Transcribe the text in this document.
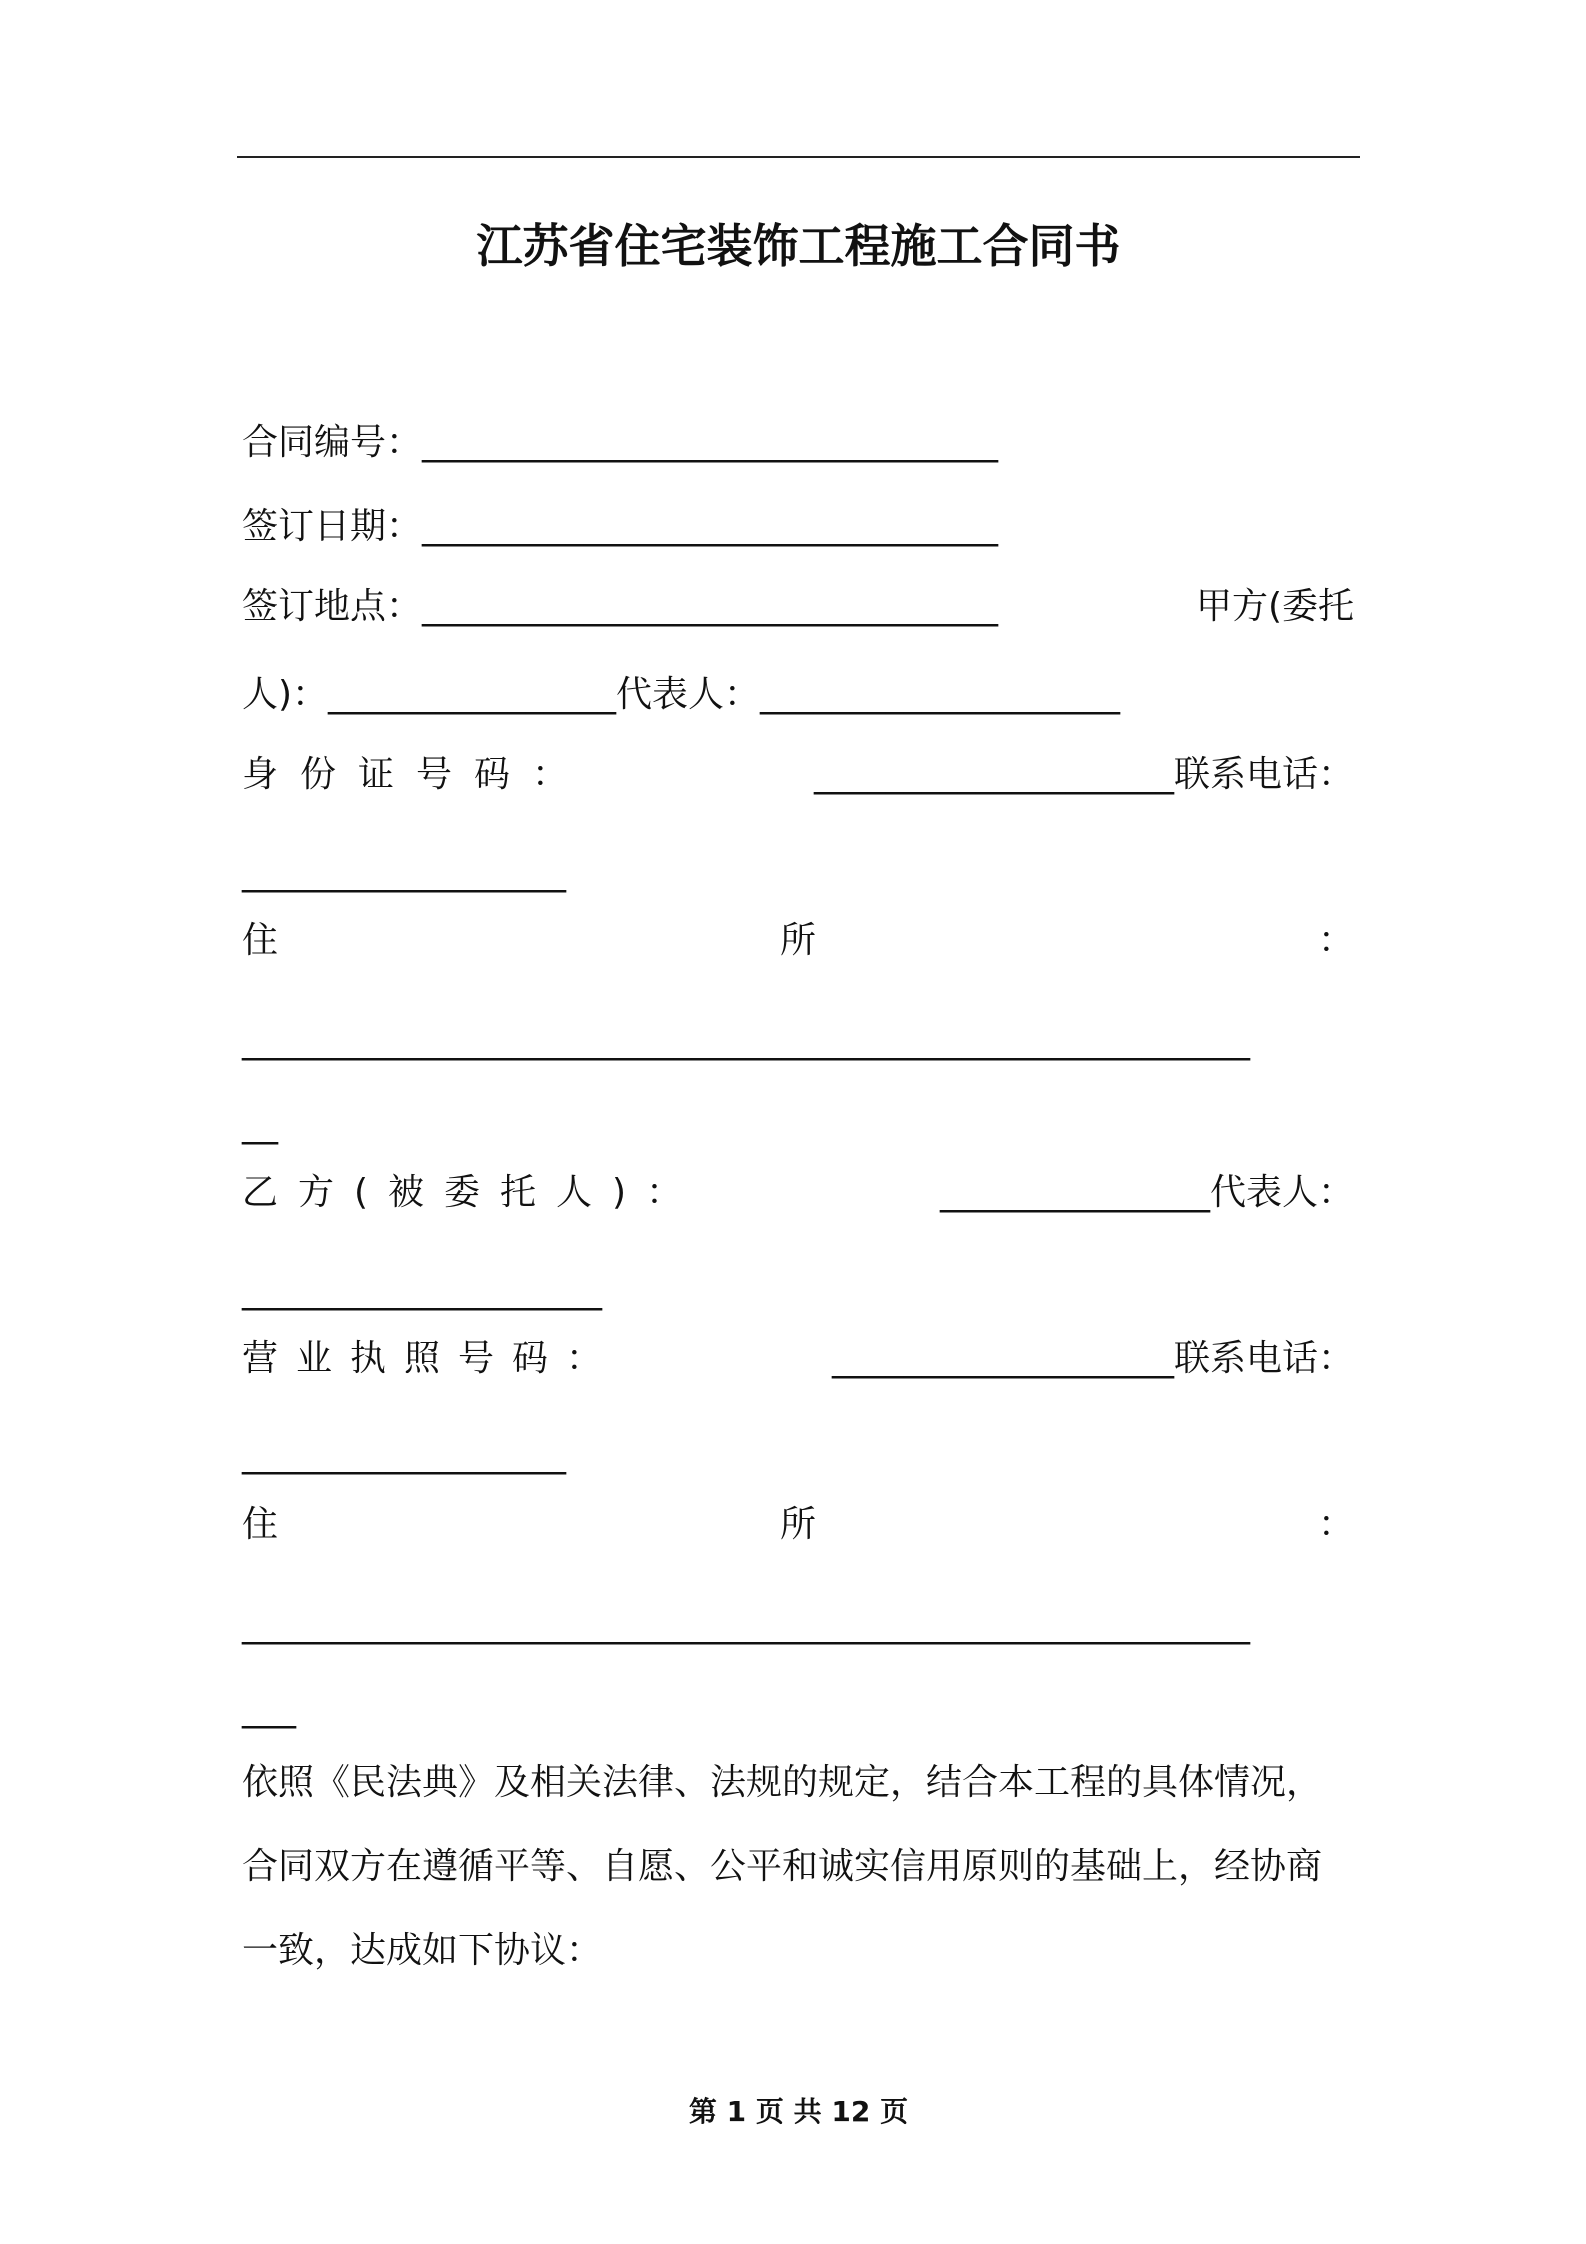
江苏省住宅装饰工程施工合同书
合同编号：________________________________
签订日期：________________________________
签订地点：________________________________	甲方(委托
人)：________________代表人：____________________
身份证号码：	____________________联系电话：
__________________
住	所	：
________________________________________________________
__
乙方(被委托人)：	_______________代表人：
____________________
营业执照号码：	___________________联系电话：
__________________
住	所	：
________________________________________________________
___
依照《民法典》及相关法律、法规的规定，结合本工程的具体情况，
合同双方在遵循平等、自愿、公平和诚实信用原则的基础上，经协商
一致，达成如下协议：
第 1 页 共 12 页
